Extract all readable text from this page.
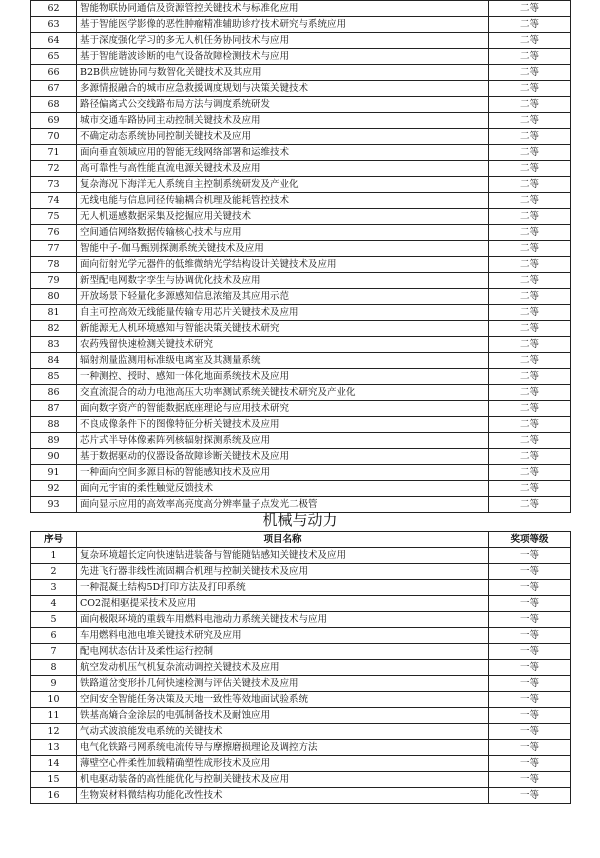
62	智能物联协同通信及资源管控关键技术与标准化应用	二等
63	基于智能医学影像的恶性肿瘤精准辅助诊疗技术研究与系统应用	二等
64	基于深度强化学习的多无人机任务协同技术与应用	二等
65	基于智能谐波诊断的电气设备故障检测技术与应用	二等
66	B2B供应链协同与数智化关键技术及其应用	二等
67	多源情报融合的城市应急救援调度规划与决策关键技术	二等
68	路径偏离式公交线路布局方法与调度系统研发	二等
69	城市交通车路协同主动控制关键技术及应用	二等
70	不确定动态系统协同控制关键技术及应用	二等
71	面向垂直领域应用的智能无线网络部署和运维技术	二等
72	高可靠性与高性能直流电源关键技术及应用	二等
73	复杂海况下海洋无人系统自主控制系统研发及产业化	二等
74	无线电能与信息同径传输耦合机理及能耗管控技术	二等
75	无人机遥感数据采集及挖掘应用关键技术	二等
76	空间通信网络数据传输核心技术与应用	二等
77	智能中子-伽马甄别探测系统关键技术及应用	二等
78	面向衍射光学元器件的低维微纳光学结构设计关键技术及应用	二等
79	新型配电网数字孪生与协调优化技术及应用	二等
80	开放场景下轻量化多源感知信息浓缩及其应用示范	二等
81	自主可控高效无线能量传输专用芯片关键技术及应用	二等
82	新能源无人机环境感知与智能决策关键技术研究	二等
83	农药残留快速检测关键技术研究	二等
84	辐射剂量监测用标准级电离室及其测量系统	二等
85	一种测控、授时、感知一体化地面系统技术及应用	二等
86	交直流混合的动力电池高压大功率测试系统关键技术研究及产业化	二等
87	面向数字资产的智能数据底座理论与应用技术研究	二等
88	不良成像条件下的图像特征分析关键技术及应用	二等
89	芯片式半导体像素阵列核辐射探测系统及应用	二等
90	基于数据驱动的仪器设备故障诊断关键技术及应用	二等
91	一种面向空间多源目标的智能感知技术及应用	二等
92	面向元宇宙的柔性触觉反馈技术	二等
93	面向显示应用的高效率高亮度高分辨率量子点发光二极管	二等
机械与动力
序号	项目名称	奖项等级
1	复杂环境超长定向快速钻进装备与智能随钻感知关键技术及应用	一等
2	先进飞行器非线性流固耦合机理与控制关键技术及应用	一等
3	一种混凝土结构5D打印方法及打印系统	一等
4	CO2混相驱提采技术及应用	一等
5	面向极限环境的重载车用燃料电池动力系统关键技术与应用	一等
6	车用燃料电池电堆关键技术研究及应用	一等
7	配电网状态估计及柔性运行控制	一等
8	航空发动机压气机复杂流动调控关键技术及应用	一等
9	铁路道岔变形扑几何快速检测与评估关键技术及应用	一等
10	空间安全智能任务决策及天地一致性等效地面试验系统	一等
11	铁基高熵合金涂层的电弧制备技术及耐蚀应用	一等
12	气动式波浪能发电系统的关键技术	一等
13	电气化铁路弓网系统电流传导与摩擦磨损理论及调控方法	一等
14	薄壁空心件柔性加载精确塑性成形技术及应用	一等
15	机电驱动装备的高性能优化与控制关键技术及应用	一等
16	生物炭材料微结构功能化改性技术	一等
